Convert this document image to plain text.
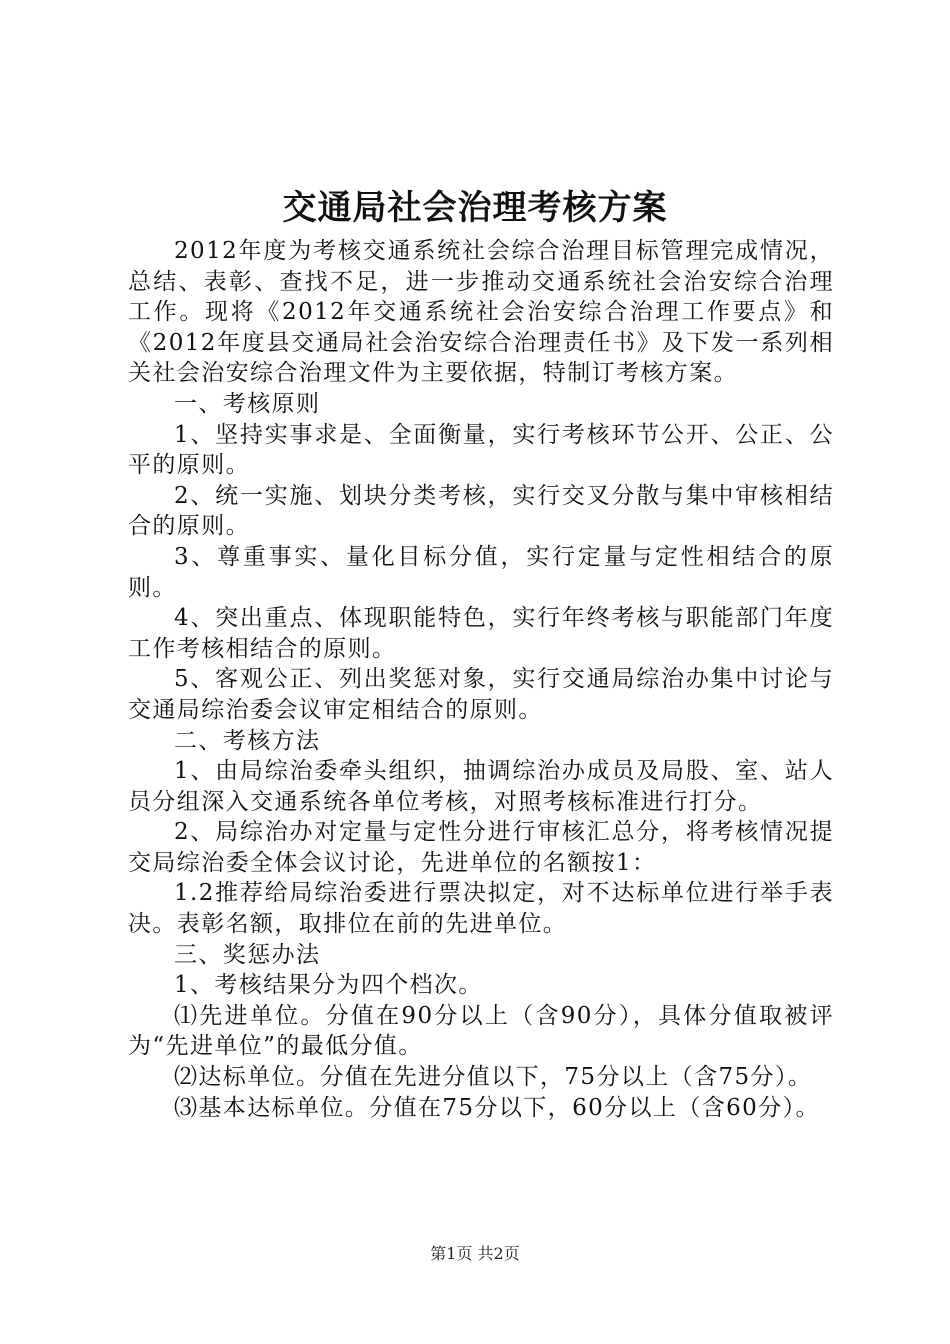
交通局社会治理考核方案

2012年度为考核交通系统社会综合治理目标管理完成情况，总结、表彰、查找不足，进一步推动交通系统社会治安综合治理工作。现将《2012年交通系统社会治安综合治理工作要点》和《2012年度县交通局社会治安综合治理责任书》及下发一系列相关社会治安综合治理文件为主要依据，特制订考核方案。

一、考核原则

1、坚持实事求是、全面衡量，实行考核环节公开、公正、公平的原则。

2、统一实施、划块分类考核，实行交叉分散与集中审核相结合的原则。

3、尊重事实、量化目标分值，实行定量与定性相结合的原则。

4、突出重点、体现职能特色，实行年终考核与职能部门年度工作考核相结合的原则。

5、客观公正、列出奖惩对象，实行交通局综治办集中讨论与交通局综治委会议审定相结合的原则。

二、考核方法

1、由局综治委牵头组织，抽调综治办成员及局股、室、站人员分组深入交通系统各单位考核，对照考核标准进行打分。

2、局综治办对定量与定性分进行审核汇总分，将考核情况提交局综治委全体会议讨论，先进单位的名额按1：

1.2推荐给局综治委进行票决拟定，对不达标单位进行举手表决。表彰名额，取排位在前的先进单位。

三、奖惩办法

1、考核结果分为四个档次。

⑴先进单位。分值在90分以上（含90分），具体分值取被评为“先进单位”的最低分值。

⑵达标单位。分值在先进分值以下，75分以上（含75分）。

⑶基本达标单位。分值在75分以下，60分以上（含60分）。

第1页 共2页
